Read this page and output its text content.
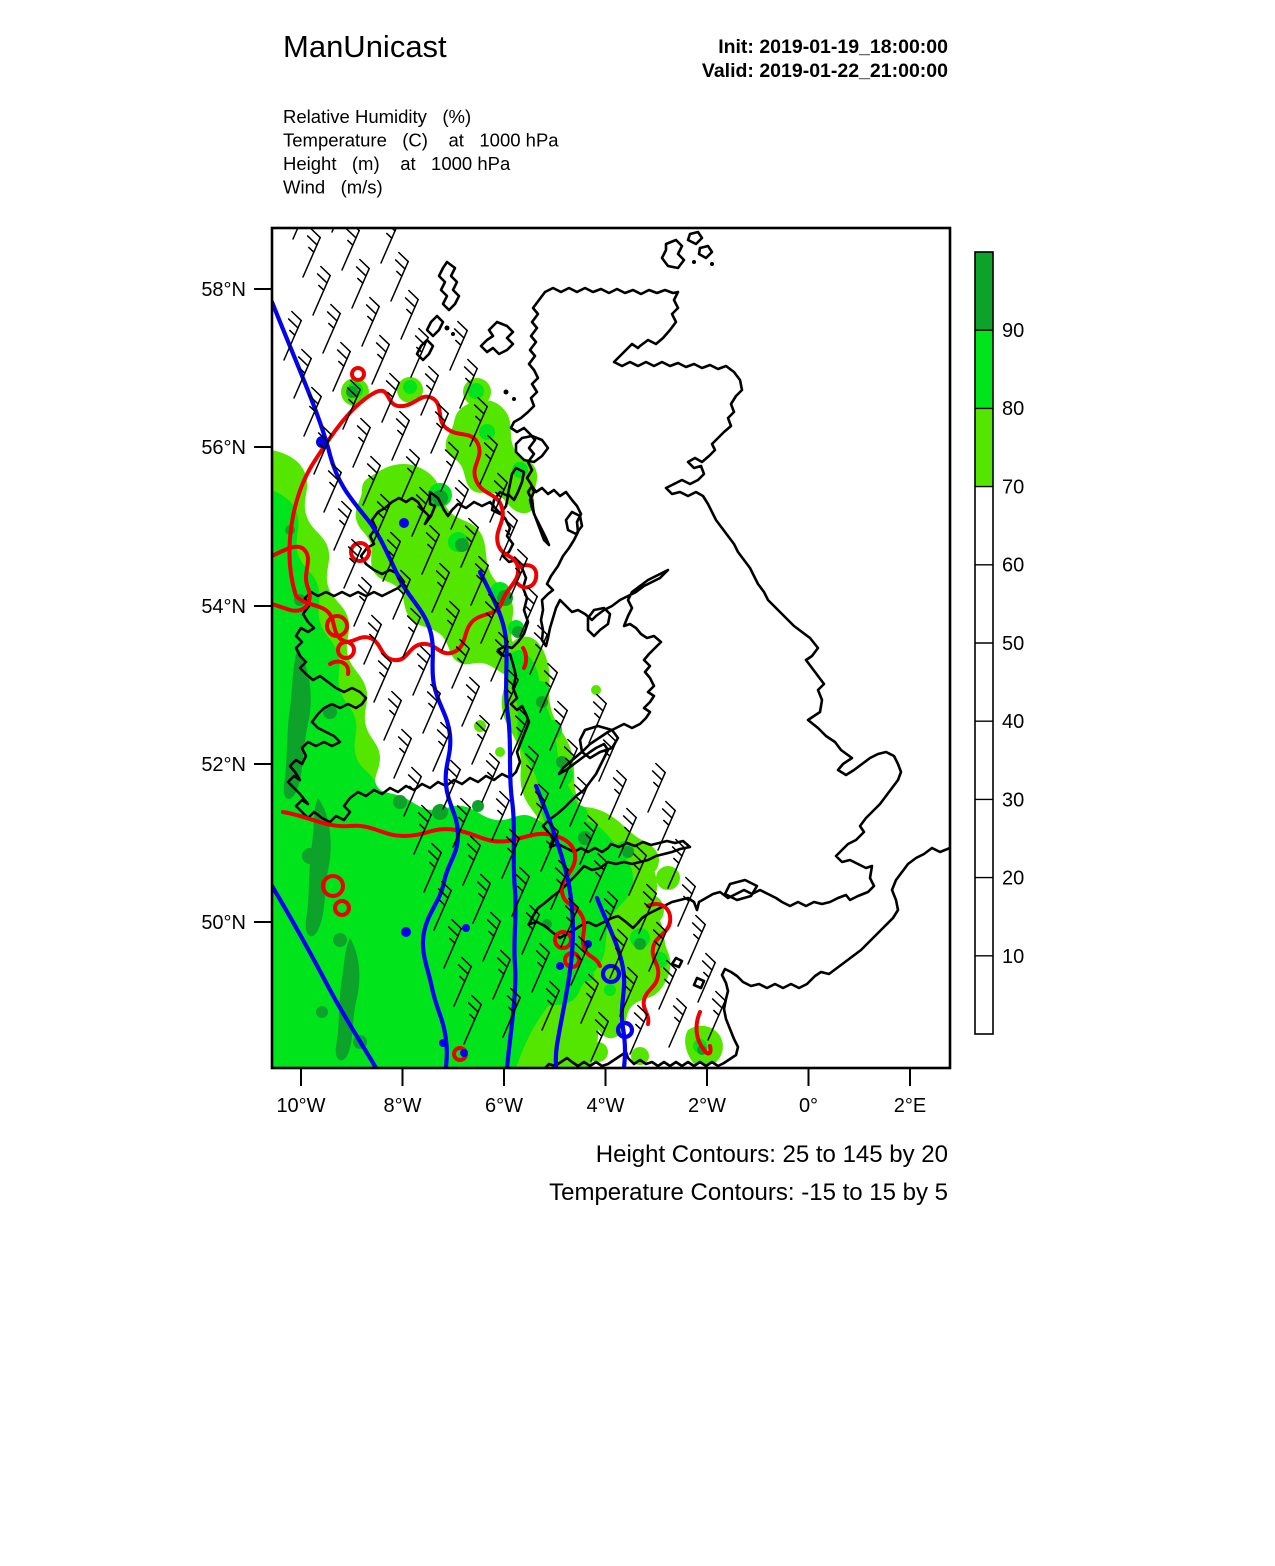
ManUnicast	Init: 2019-01-19_18:00:00
Valid: 2019-01-22_21:00:00
Relative Humidity   (%)
Temperature   (C)    at   1000 hPa
Height   (m)    at   1000 hPa
Wind   (m/s)
58°N
56°N
54°N
52°N
50°N
10°W	8°W	6°W	4°W	2°W	0°	2°E
90
80
70
60
50
40
30
20
10
Height Contours: 25 to 145 by 20
Temperature Contours: -15 to 15 by 5
